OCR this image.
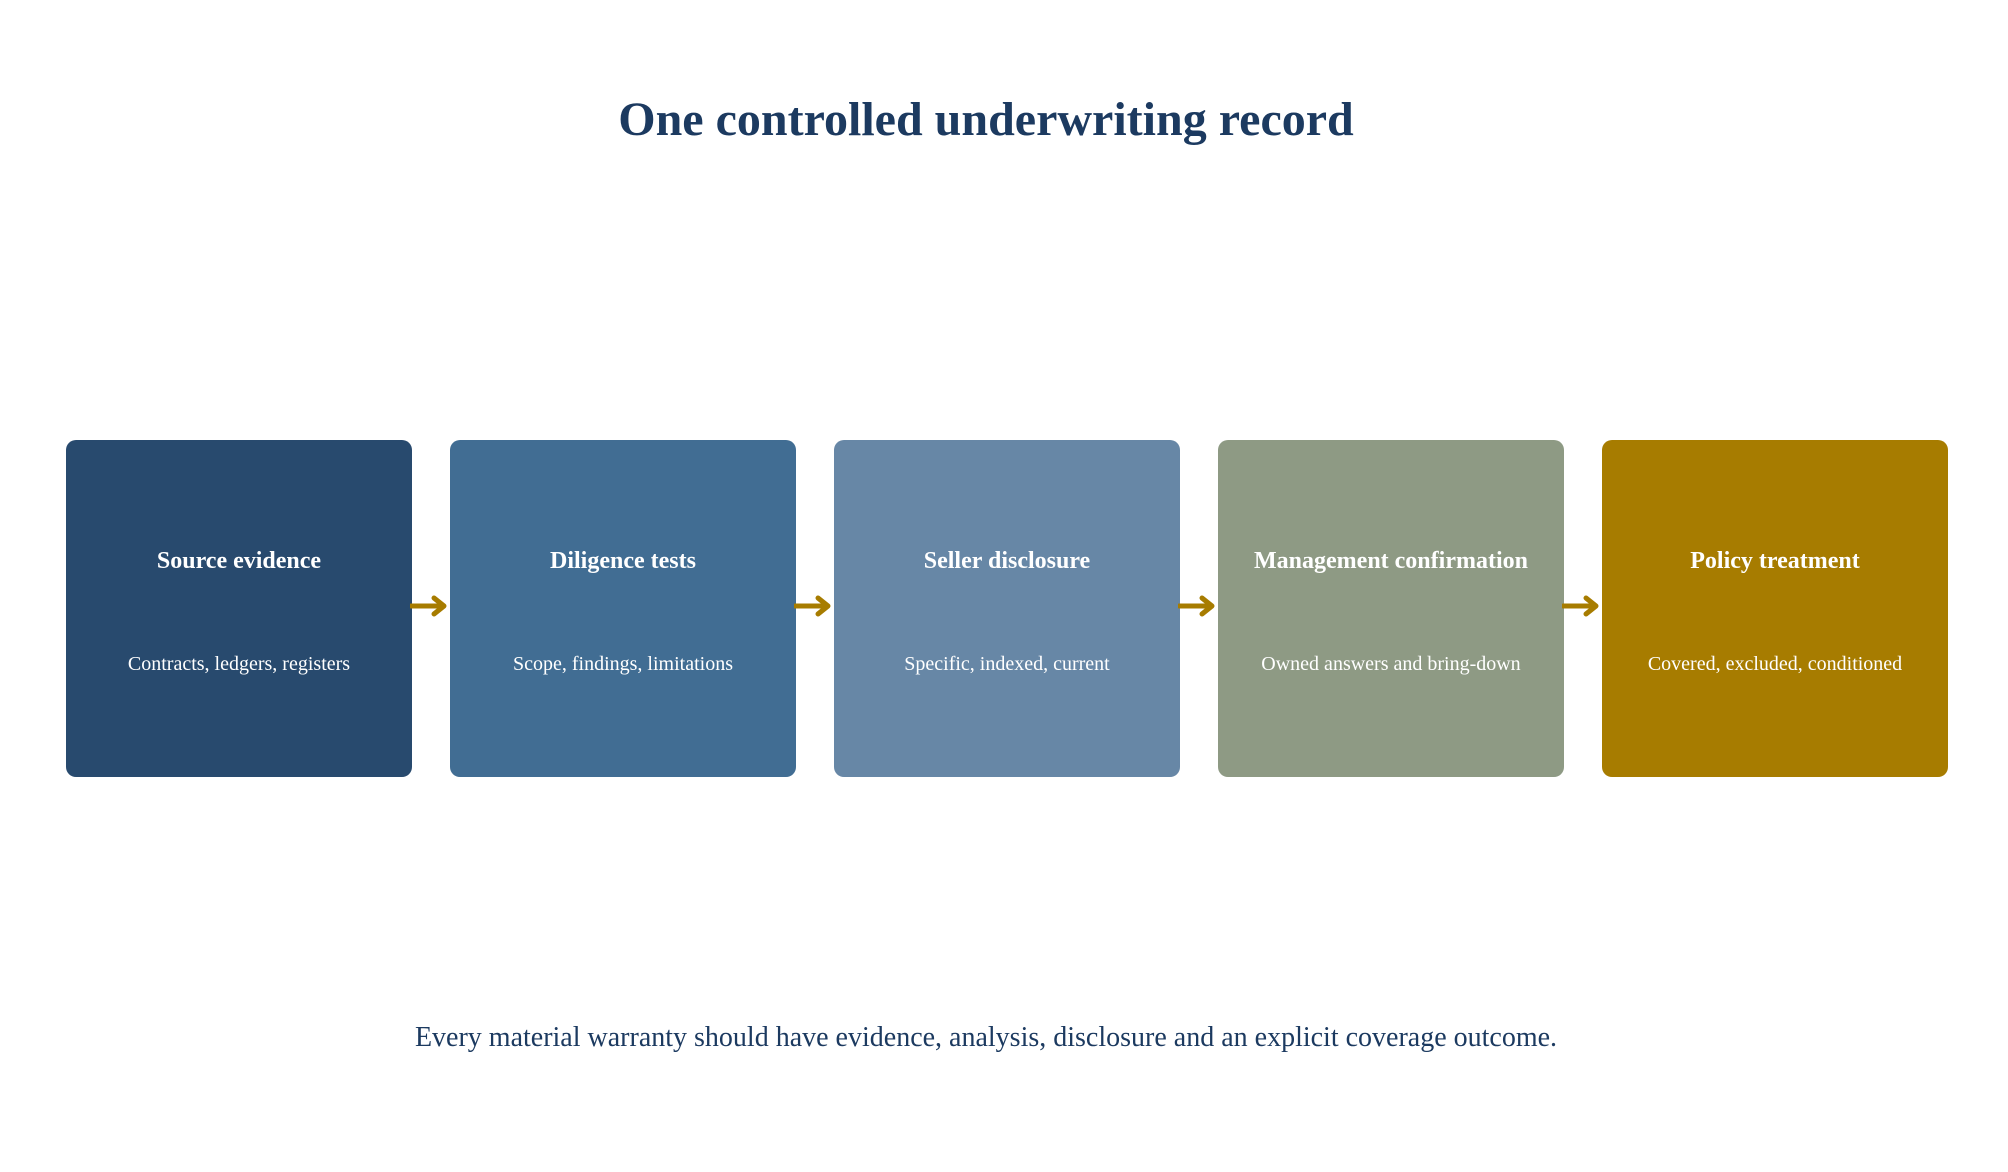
One controlled underwriting record
Source evidence
Contracts, ledgers, registers
Diligence tests
Scope, findings, limitations
Seller disclosure
Specific, indexed, current
Management confirmation
Owned answers and bring-down
Policy treatment
Covered, excluded, conditioned
Every material warranty should have evidence, analysis, disclosure and an explicit coverage outcome.
